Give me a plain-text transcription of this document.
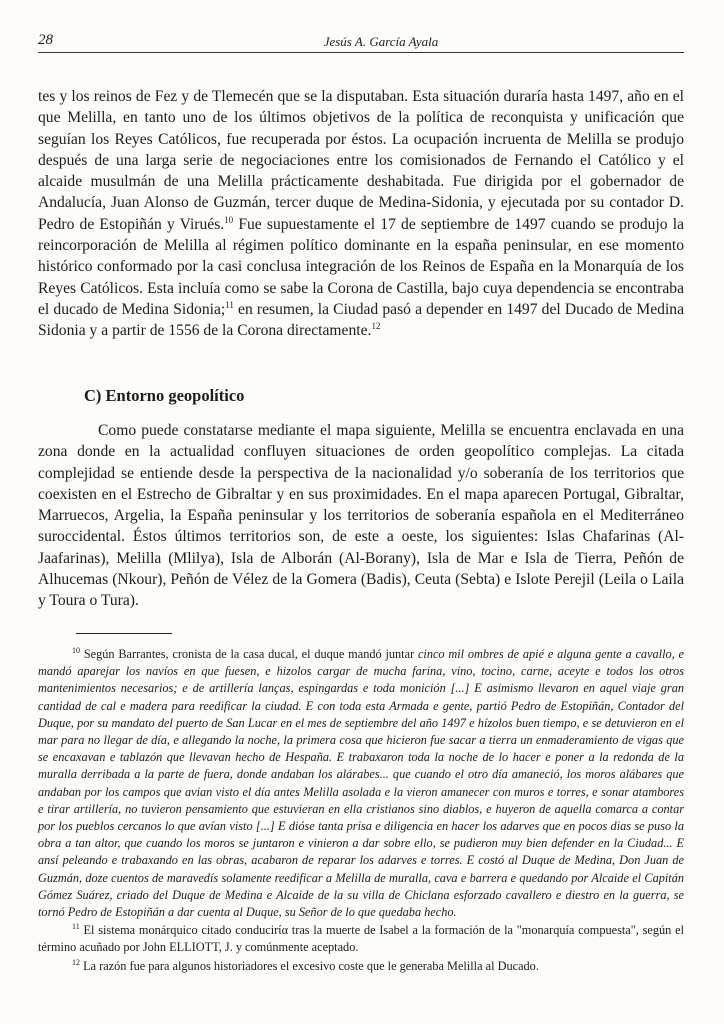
28	Jesús A. García Ayala

tes y los reinos de Fez y de Tlemecén que se la disputaban. Esta situación duraría hasta 1497, año en el que Melilla, en tanto uno de los últimos objetivos de la política de reconquista y unificación que seguían los Reyes Católicos, fue recuperada por éstos. La ocupación incruenta de Melilla se produjo después de una larga serie de negociaciones entre los comisionados de Fernando el Católico y el alcaide musulmán de una Melilla prácticamente deshabitada. Fue dirigida por el gobernador de Andalucía, Juan Alonso de Guzmán, tercer duque de Medina-Sidonia, y ejecutada por su contador D. Pedro de Estopiñán y Virués.$^{10}$ Fue supuestamente el 17 de septiembre de 1497 cuando se produjo la reincorporación de Melilla al régimen político dominante en la españa peninsular, en ese momento histórico conformado por la casi conclusa integración de los Reinos de España en la Monarquía de los Reyes Católicos. Esta incluía como se sabe la Corona de Castilla, bajo cuya dependencia se encontraba el ducado de Medina Sidonia;$^{11}$ en resumen, la Ciudad pasó a depender en 1497 del Ducado de Medina Sidonia y a partir de 1556 de la Corona directamente.$^{12}$

C) Entorno geopolítico

Como puede constatarse mediante el mapa siguiente, Melilla se encuentra enclavada en una zona donde en la actualidad confluyen situaciones de orden geopolítico complejas. La citada complejidad se entiende desde la perspectiva de la nacionalidad y/o soberanía de los territorios que coexisten en el Estrecho de Gibraltar y en sus proximidades. En el mapa aparecen Portugal, Gibraltar, Marruecos, Argelia, la España peninsular y los territorios de soberanía española en el Mediterráneo suroccidental. Éstos últimos territorios son, de este a oeste, los siguientes: Islas Chafarinas (Al-Jaafarinas), Melilla (Mlilya), Isla de Alborán (Al-Borany), Isla de Mar e Isla de Tierra, Peñón de Alhucemas (Nkour), Peñón de Vélez de la Gomera (Badis), Ceuta (Sebta) e Islote Perejil (Leila o Laila y Toura o Tura).

$^{10}$ Según Barrantes, cronista de la casa ducal, el duque mandó juntar cinco mil ombres de apié e alguna gente a cavallo, e mandó aparejar los navíos en que fuesen, e hizolos cargar de mucha farina, vino, tocino, carne, aceyte e todos los otros mantenimientos necesarios; e de artillería lanças, espingardas e toda monición [...] E asimismo llevaron en aquel viaje gran cantidad de cal e madera para reedificar la ciudad. E con toda esta Armada e gente, partió Pedro de Estopiñán, Contador del Duque, por su mandato del puerto de San Lucar en el mes de septiembre del año 1497 e hízolos buen tiempo, e se detuvieron en el mar para no llegar de día, e allegando la noche, la primera cosa que hicieron fue sacar a tierra un enmaderamiento de vigas que se encaxavan e tablazón que llevavan hecho de Hespaña. E trabaxaron toda la noche de lo hacer e poner a la redonda de la muralla derribada a la parte de fuera, donde andaban los alárabes... que cuando el otro día amaneció, los moros alábares que andaban por los campos que avian visto el día antes Melilla asolada e la vieron amanecer con muros e torres, e sonar atambores e tirar artillería, no tuvieron pensamiento que estuvieran en ella cristianos sino diablos, e huyeron de aquella comarca a contar por los pueblos cercanos lo que avían visto [...] E dióse tanta prisa e diligencia en hacer los adarves que en pocos dias se puso la obra a tan altor, que cuando los moros se juntaron e vinieron a dar sobre ello, se pudieron muy bien defender en la Ciudad... E ansí peleando e trabaxando en las obras, acabaron de reparar los adarves e torres. E costó al Duque de Medina, Don Juan de Guzmán, doze cuentos de maravedís solamente reedificar a Melilla de muralla, cava e barrera e quedando por Alcaide el Capitán Gómez Suárez, criado del Duque de Medina e Alcaide de la su villa de Chiclana esforzado cavallero e diestro en la guerra, se tornó Pedro de Estopiñán a dar cuenta al Duque, su Señor de lo que quedaba hecho.

$^{11}$ El sistema monárquico citado conducirία tras la muerte de Isabel a la formación de la "monarquía compuesta", según el término acuñado por John ELLIOTT, J. y comúnmente aceptado.

$^{12}$ La razón fue para algunos historiadores el excesivo coste que le generaba Melilla al Ducado.
